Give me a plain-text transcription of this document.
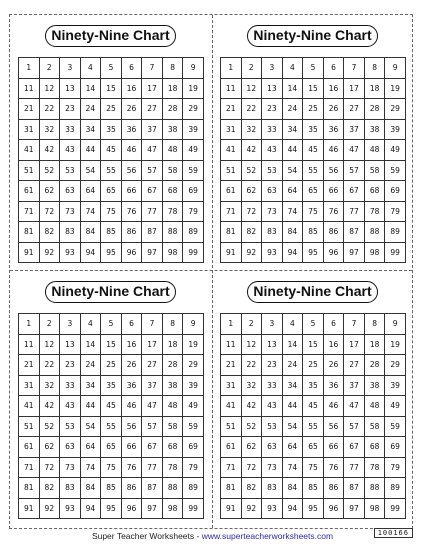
Ninety-Nine Chart
1	2	3	4	5	6	7	8	9
11	12	13	14	15	16	17	18	19
21	22	23	24	25	26	27	28	29
31	32	33	34	35	36	37	38	39
41	42	43	44	45	46	47	48	49
51	52	53	54	55	56	57	58	59
61	62	63	64	65	66	67	68	69
71	72	73	74	75	76	77	78	79
81	82	83	84	85	86	87	88	89
91	92	93	94	95	96	97	98	99
Ninety-Nine Chart
1	2	3	4	5	6	7	8	9
11	12	13	14	15	16	17	18	19
21	22	23	24	25	26	27	28	29
31	32	33	34	35	36	37	38	39
41	42	43	44	45	46	47	48	49
51	52	53	54	55	56	57	58	59
61	62	63	64	65	66	67	68	69
71	72	73	74	75	76	77	78	79
81	82	83	84	85	86	87	88	89
91	92	93	94	95	96	97	98	99
Ninety-Nine Chart
1	2	3	4	5	6	7	8	9
11	12	13	14	15	16	17	18	19
21	22	23	24	25	26	27	28	29
31	32	33	34	35	36	37	38	39
41	42	43	44	45	46	47	48	49
51	52	53	54	55	56	57	58	59
61	62	63	64	65	66	67	68	69
71	72	73	74	75	76	77	78	79
81	82	83	84	85	86	87	88	89
91	92	93	94	95	96	97	98	99
Ninety-Nine Chart
1	2	3	4	5	6	7	8	9
11	12	13	14	15	16	17	18	19
21	22	23	24	25	26	27	28	29
31	32	33	34	35	36	37	38	39
41	42	43	44	45	46	47	48	49
51	52	53	54	55	56	57	58	59
61	62	63	64	65	66	67	68	69
71	72	73	74	75	76	77	78	79
81	82	83	84	85	86	87	88	89
91	92	93	94	95	96	97	98	99
Super Teacher Worksheets - www.superteacherworksheets.com	100166
